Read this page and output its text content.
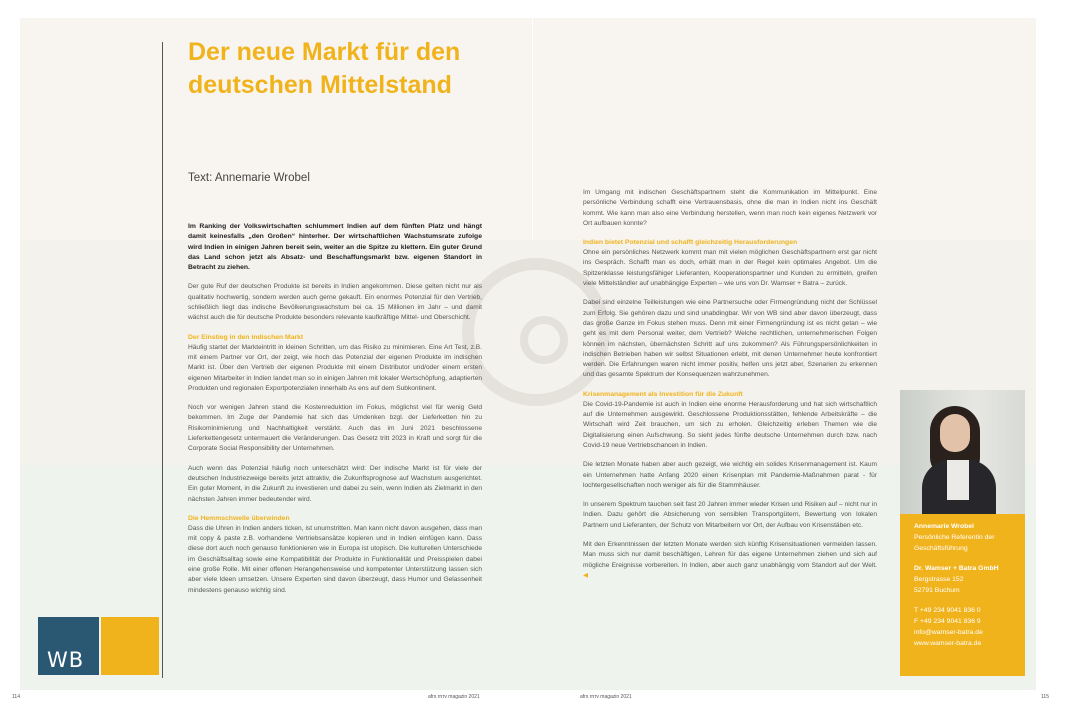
Der neue Markt für den deutschen Mittelstand
Text: Annemarie Wrobel

Im Ranking der Volkswirtschaften schlummert Indien auf dem fünften Platz und hängt damit keinesfalls „den Großen“ hinterher. Der wirtschaftlichen Wachstumsrate zufolge wird Indien in einigen Jahren bereit sein, weiter an die Spitze zu klettern. Ein guter Grund das Land schon jetzt als Absatz- und Beschaffungsmarkt bzw. eigenen Standort in Betracht zu ziehen.

Der gute Ruf der deutschen Produkte ist bereits in Indien angekommen. Diese gelten nicht nur als qualitativ hochwertig, sondern werden auch gerne gekauft. Ein enormes Potenzial für den Vertrieb, schließlich liegt das indische Bevölkerungswachstum bei ca. 15 Millionen im Jahr – und damit wächst auch die für deutsche Produkte besonders relevante kaufkräftige Mittel- und Oberschicht.

Der Einstieg in den indischen Markt

Häufig startet der Markteintritt in kleinen Schritten, um das Risiko zu minimieren. Eine Art Test, z.B. mit einem Partner vor Ort, der zeigt, wie hoch das Potenzial der eigenen Produkte im indischen Markt ist. Über den Vertrieb der eigenen Produkte mit einem Distributor und/oder einem ersten eigenen Mitarbeiter in Indien landet man so in einigen Jahren mit lokaler Wertschöpfung, adaptierten Produkten und regionalen Exportpotenzialen innerhalb As ens auf dem Subkontinent.

Noch vor wenigen Jahren stand die Kostenreduktion im Fokus, möglichst viel für wenig Geld bekommen. Im Zuge der Pandemie hat sich das Umdenken bzgl. der Lieferketten hin zu Risikominimierung und Nachhaltigkeit verstärkt. Auch das im Juni 2021 beschlossene Lieferkettengesetz untermauert die Veränderungen. Das Gesetz tritt 2023 in Kraft und sorgt für die Corporate Social Responsibility der Unternehmen.

Auch wenn das Potenzial häufig noch unterschätzt wird: Der indische Markt ist für viele der deutschen Industriezweige bereits jetzt attraktiv, die Zukunftsprognose auf Wachstum ausgerichtet. Ein guter Moment, in die Zukunft zu investieren und dabei zu sein, wenn Indien als Zielmarkt in den nächsten Jahren immer bedeutender wird.

Die Hemmschwelle überwinden

Dass die Uhren in Indien anders ticken, ist unumstritten. Man kann nicht davon ausgehen, dass man mit copy & paste z.B. vorhandene Vertriebsansätze kopieren und in Indien einfügen kann. Dass diese dort auch noch genauso funktionieren wie in Europa ist utopisch. Die kulturellen Unterschiede im Geschäftsalltag sowie eine Kompatibilität der Produkte in Funktionalität und Preisspielen dabei eine große Rolle. Mit einer offenen Herangehensweise und kompetenter Unterstützung lassen sich aber viele Ideen umsetzen. Unsere Experten sind davon überzeugt, dass Humor und Gelassenheit mindestens genauso wichtig sind.

Im Umgang mit indischen Geschäftspartnern steht die Kommunikation im Mittelpunkt. Eine persönliche Verbindung schafft eine Vertrauensbasis, ohne die man in Indien nicht ins Geschäft kommt. Wie kann man also eine Verbindung herstellen, wenn man noch kein eigenes Netzwerk vor Ort aufbauen konnte?

Indien bietet Potenzial und schafft gleichzeitig Herausforderungen

Ohne ein persönliches Netzwerk kommt man mit vielen möglichen Geschäftspartnern erst gar nicht ins Gespräch. Schafft man es doch, erhält man in der Regel kein optimales Angebot. Um die Spitzenklasse leistungsfähiger Lieferanten, Kooperationspartner und Kunden zu ermitteln, greifen viele Mittelständler auf unabhängige Experten – wie uns von Dr. Wamser + Batra – zurück.

Dabei sind einzelne Teilleistungen wie eine Partnersuche oder Firmengründung nicht der Schlüssel zum Erfolg. Sie gehören dazu und sind unabdingbar. Wir von WB sind aber davon überzeugt, dass das große Ganze im Fokus stehen muss. Denn mit einer Firmengründung ist es nicht getan – wie geht es mit dem Personal weiter, dem Vertrieb? Welche rechtlichen, unternehmerischen Folgen können im nächsten, übernächsten Schritt auf uns zukommen? Als Führungspersönlichkeiten in indischen Betrieben haben wir selbst Situationen erlebt, mit denen Unternehmer heute konfrontiert werden. Die Erfahrungen waren nicht immer positiv, helfen uns jetzt aber, Szenarien zu erkennen und das gesamte Spektrum der Konsequenzen wahrzunehmen.

Krisenmanagement als Investition für die Zukunft

Die Covid-19-Pandemie ist auch in Indien eine enorme Herausforderung und hat sich wirtschaftlich auf die Unternehmen ausgewirkt. Geschlossene Produktionsstätten, fehlende Arbeitskräfte – die Wirtschaft wird Zeit brauchen, um sich zu erholen. Gleichzeitig erleben Themen wie die Digitalisierung einen Aufschwung. So sieht jedes fünfte deutsche Unternehmen durch bzw. nach Covid-19 neue Vertriebschancen in Indien.

Die letzten Monate haben aber auch gezeigt, wie wichtig ein solides Krisenmanagement ist. Kaum ein Unternehmen hatte Anfang 2020 einen Krisenplan mit Pandemie-Maßnahmen parat - für lochtergesellschaften noch weniger als für die Stammhäuser.

In unserem Spektrum tauchen seit fast 20 Jahren immer wieder Krisen und Risiken auf – nicht nur in Indien. Dazu gehört die Absicherung von sensiblen Transportgütern, Bewertung von lokalen Partnern und Lieferanten, der Schutz von Mitarbeitern vor Ort, der Aufbau von Krisenstäben etc.

Mit den Erkenntnissen der letzten Monate werden sich künftig Krisensituationen vermeiden lassen. Man muss sich nur damit beschäftigen, Lehren für das eigene Unternehmen ziehen und sich auf mögliche Ereignisse vorbereiten. In Indien, aber auch ganz unabhängig vom Standort auf der Welt. ◀

WB
Annemarie Wrobel
Persönliche Referentin der Geschäftsführung
Dr. Wamser + Batra GmbH
Bergstrasse 152
52791 Buchum
T +49 234 9041 836 0
F +49 234 9041 836 9
info@wamser-batra.de
www.wamser-batra.de
114	afrs rrrrv magazin 2021	afrs rrrrv magazin 2021	115
